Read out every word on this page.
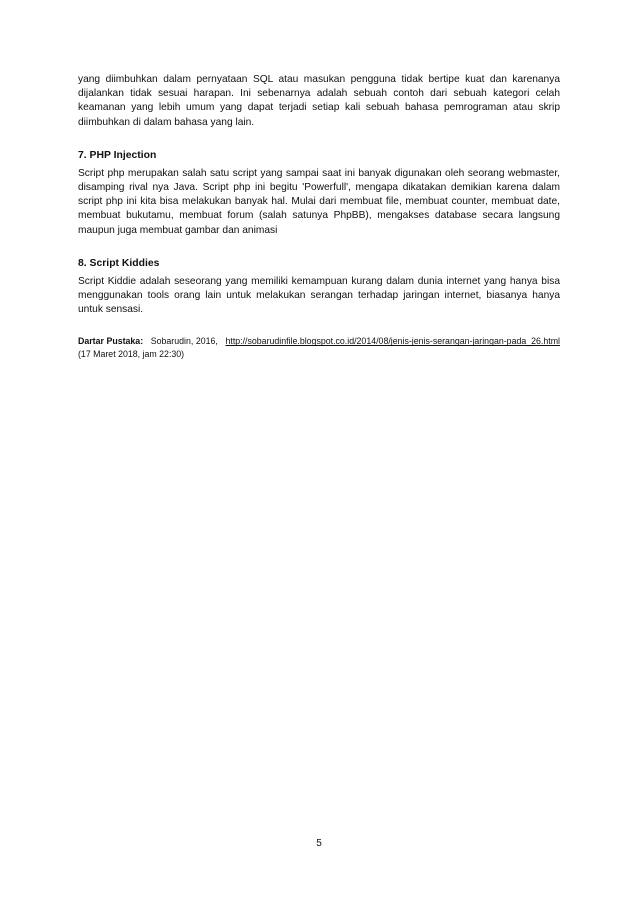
yang diimbuhkan dalam pernyataan SQL atau masukan pengguna tidak bertipe kuat dan karenanya dijalankan tidak sesuai harapan. Ini sebenarnya adalah sebuah contoh dari sebuah kategori celah keamanan yang lebih umum yang dapat terjadi setiap kali sebuah bahasa pemrograman atau skrip diimbuhkan di dalam bahasa yang lain.

7. PHP Injection

Script php merupakan salah satu script yang sampai saat ini banyak digunakan oleh seorang webmaster, disamping rival nya Java. Script php ini begitu 'Powerfull', mengapa dikatakan demikian karena dalam script php ini kita bisa melakukan banyak hal. Mulai dari membuat file, membuat counter, membuat date, membuat bukutamu, membuat forum (salah satunya PhpBB), mengakses database secara langsung maupun juga membuat gambar dan animasi

8. Script Kiddies

Script Kiddie adalah seseorang yang memiliki kemampuan kurang dalam dunia internet yang hanya bisa menggunakan tools orang lain untuk melakukan serangan terhadap jaringan internet, biasanya hanya untuk sensasi.

Dartar Pustaka: Sobarudin, 2016, http://sobarudinfile.blogspot.co.id/2014/08/jenis-jenis-serangan-jaringan-pada_26.html (17 Maret 2018, jam 22:30)

5
